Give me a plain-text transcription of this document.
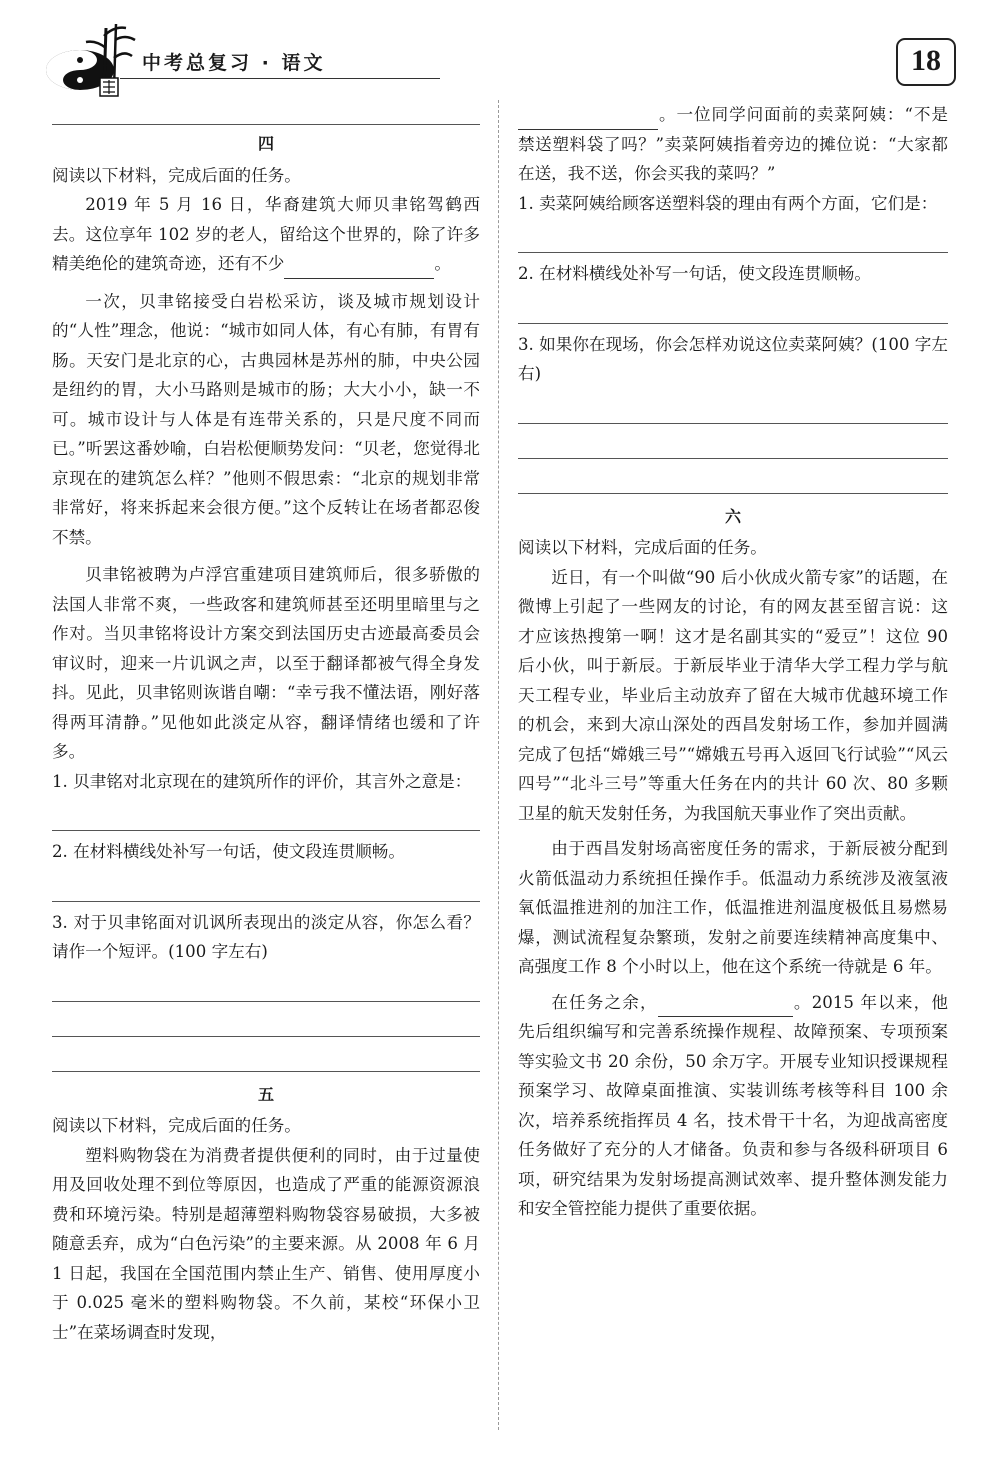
中考总复习 · 语文	18
四

阅读以下材料，完成后面的任务。

2019 年 5 月 16 日，华裔建筑大师贝聿铭驾鹤西去。这位享年 102 岁的老人，留给这个世界的，除了许多精美绝伦的建筑奇迹，还有不少	。

一次，贝聿铭接受白岩松采访，谈及城市规划设计的“人性”理念，他说：“城市如同人体，有心有肺，有胃有肠。天安门是北京的心，古典园林是苏州的肺，中央公园是纽约的胃，大小马路则是城市的肠；大大小小，缺一不可。城市设计与人体是有连带关系的，只是尺度不同而已。”听罢这番妙喻，白岩松便顺势发问：“贝老，您觉得北京现在的建筑怎么样？”他则不假思索：“北京的规划非常非常好，将来拆起来会很方便。”这个反转让在场者都忍俊不禁。

贝聿铭被聘为卢浮宫重建项目建筑师后，很多骄傲的法国人非常不爽，一些政客和建筑师甚至还明里暗里与之作对。当贝聿铭将设计方案交到法国历史古迹最高委员会审议时，迎来一片讥讽之声，以至于翻译都被气得全身发抖。见此，贝聿铭则诙谐自嘲：“幸亏我不懂法语，刚好落得两耳清静。”见他如此淡定从容，翻译情绪也缓和了许多。

1. 贝聿铭对北京现在的建筑所作的评价，其言外之意是：

2. 在材料横线处补写一句话，使文段连贯顺畅。

3. 对于贝聿铭面对讥讽所表现出的淡定从容，你怎么看？请作一个短评。(100 字左右)

五

阅读以下材料，完成后面的任务。

塑料购物袋在为消费者提供便利的同时，由于过量使用及回收处理不到位等原因，也造成了严重的能源资源浪费和环境污染。特别是超薄塑料购物袋容易破损，大多被随意丢弃，成为“白色污染”的主要来源。从 2008 年 6 月 1 日起，我国在全国范围内禁止生产、销售、使用厚度小于 0.025 毫米的塑料购物袋。不久前，某校“环保小卫士”在菜场调查时发现，

。一位同学问面前的卖菜阿姨：“不是禁送塑料袋了吗？”卖菜阿姨指着旁边的摊位说：“大家都在送，我不送，你会买我的菜吗？”

1. 卖菜阿姨给顾客送塑料袋的理由有两个方面，它们是：

2. 在材料横线处补写一句话，使文段连贯顺畅。

3. 如果你在现场，你会怎样劝说这位卖菜阿姨？(100 字左右)

六

阅读以下材料，完成后面的任务。

近日，有一个叫做“90 后小伙成火箭专家”的话题，在微博上引起了一些网友的讨论，有的网友甚至留言说：这才应该热搜第一啊！这才是名副其实的“爱豆”！这位 90 后小伙，叫于新辰。于新辰毕业于清华大学工程力学与航天工程专业，毕业后主动放弃了留在大城市优越环境工作的机会，来到大凉山深处的西昌发射场工作，参加并圆满完成了包括“嫦娥三号”“嫦娥五号再入返回飞行试验”“风云四号”“北斗三号”等重大任务在内的共计 60 次、80 多颗卫星的航天发射任务，为我国航天事业作了突出贡献。

由于西昌发射场高密度任务的需求，于新辰被分配到火箭低温动力系统担任操作手。低温动力系统涉及液氢液氧低温推进剂的加注工作，低温推进剂温度极低且易燃易爆，测试流程复杂繁琐，发射之前要连续精神高度集中、高强度工作 8 个小时以上，他在这个系统一待就是 6 年。

在任务之余，	。2015 年以来，他先后组织编写和完善系统操作规程、故障预案、专项预案等实验文书 20 余份，50 余万字。开展专业知识授课规程预案学习、故障桌面推演、实装训练考核等科目 100 余次，培养系统指挥员 4 名，技术骨干十名，为迎战高密度任务做好了充分的人才储备。负责和参与各级科研项目 6 项，研究结果为发射场提高测试效率、提升整体测发能力和安全管控能力提供了重要依据。
